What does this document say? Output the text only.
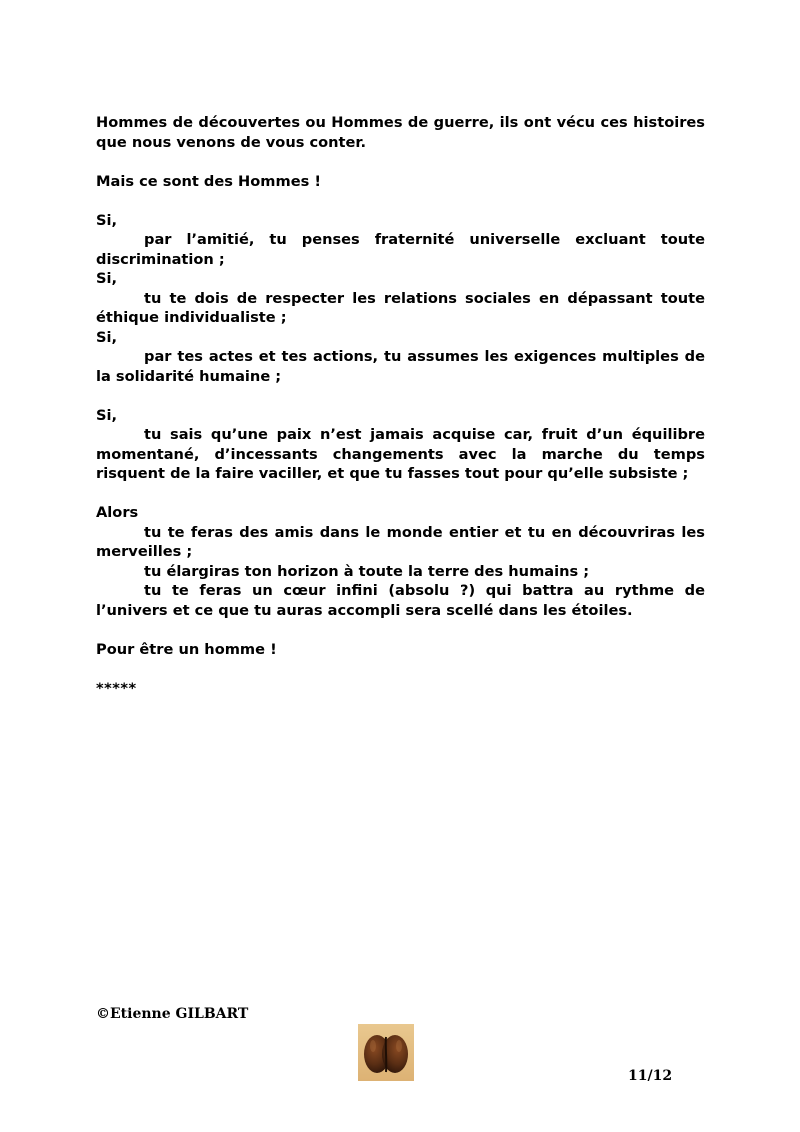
Hommes de découvertes ou Hommes de guerre, ils ont vécu ces histoires que nous venons de vous conter.

Mais ce sont des Hommes !

Si,

par l’amitié, tu penses fraternité universelle excluant toute discrimination ;

Si,

tu te dois de respecter les relations sociales en dépassant toute éthique individualiste ;

Si,

par tes actes et tes actions, tu assumes les exigences multiples de la solidarité humaine ;

Si,

tu sais qu’une paix n’est jamais acquise car, fruit d’un équilibre momentané, d’incessants changements avec la marche du temps risquent de la faire vaciller, et que tu fasses tout pour qu’elle subsiste ;

Alors

tu te feras des amis dans le monde entier et tu en découvriras les merveilles ;

tu élargiras ton horizon à toute la terre des humains ;

tu te feras un cœur infini (absolu ?) qui battra au rythme de l’univers et ce que tu auras accompli sera scellé dans les étoiles.

Pour être un homme !

*****

©Etienne GILBART
11/12
